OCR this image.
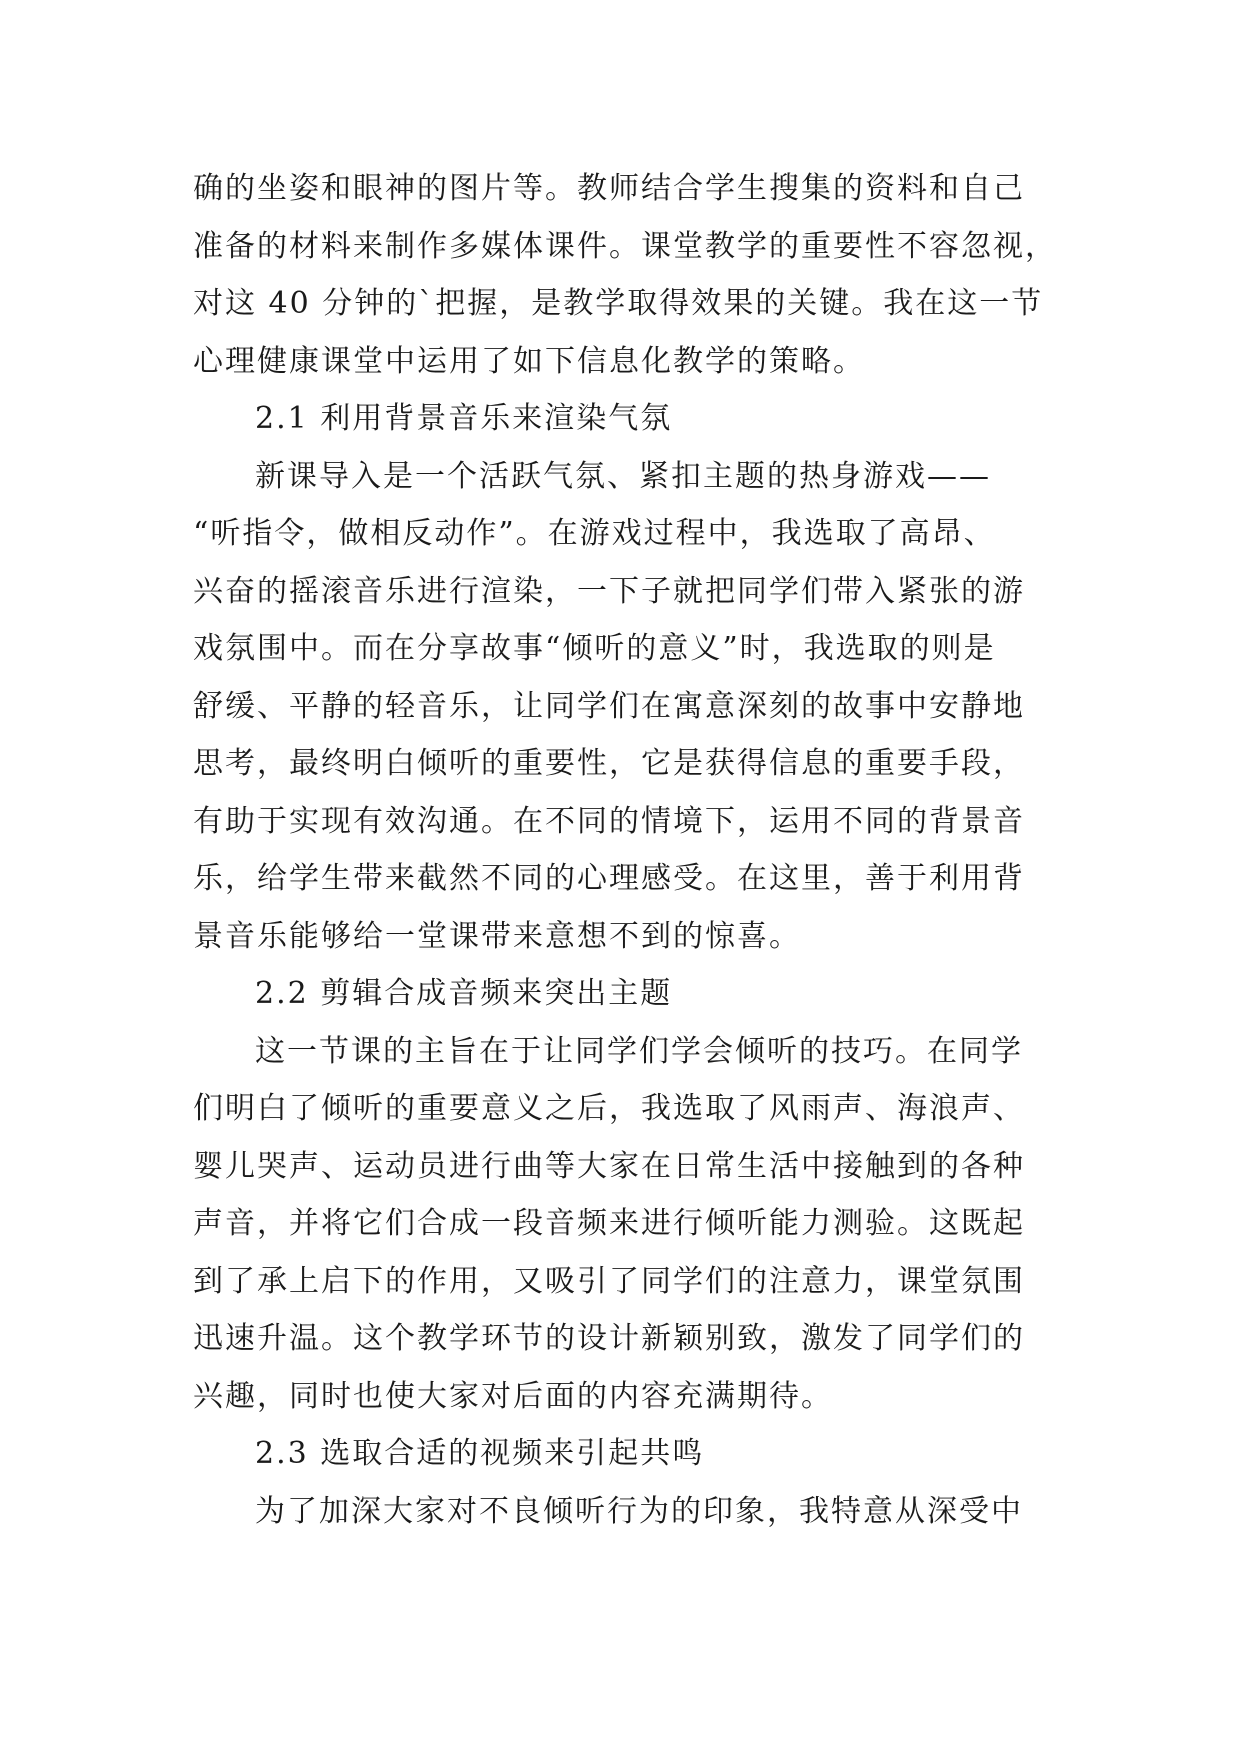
确的坐姿和眼神的图片等。教师结合学生搜集的资料和自己
准备的材料来制作多媒体课件。课堂教学的重要性不容忽视，
对这 40 分钟的`把握，是教学取得效果的关键。我在这一节
心理健康课堂中运用了如下信息化教学的策略。
2.1 利用背景音乐来渲染气氛
新课导入是一个活跃气氛、紧扣主题的热身游戏——
“听指令，做相反动作”。在游戏过程中，我选取了高昂、
兴奋的摇滚音乐进行渲染，一下子就把同学们带入紧张的游
戏氛围中。而在分享故事“倾听的意义”时，我选取的则是
舒缓、平静的轻音乐，让同学们在寓意深刻的故事中安静地
思考，最终明白倾听的重要性，它是获得信息的重要手段，
有助于实现有效沟通。在不同的情境下，运用不同的背景音
乐，给学生带来截然不同的心理感受。在这里，善于利用背
景音乐能够给一堂课带来意想不到的惊喜。
2.2 剪辑合成音频来突出主题
这一节课的主旨在于让同学们学会倾听的技巧。在同学
们明白了倾听的重要意义之后，我选取了风雨声、海浪声、
婴儿哭声、运动员进行曲等大家在日常生活中接触到的各种
声音，并将它们合成一段音频来进行倾听能力测验。这既起
到了承上启下的作用，又吸引了同学们的注意力，课堂氛围
迅速升温。这个教学环节的设计新颖别致，激发了同学们的
兴趣，同时也使大家对后面的内容充满期待。
2.3 选取合适的视频来引起共鸣
为了加深大家对不良倾听行为的印象，我特意从深受中
